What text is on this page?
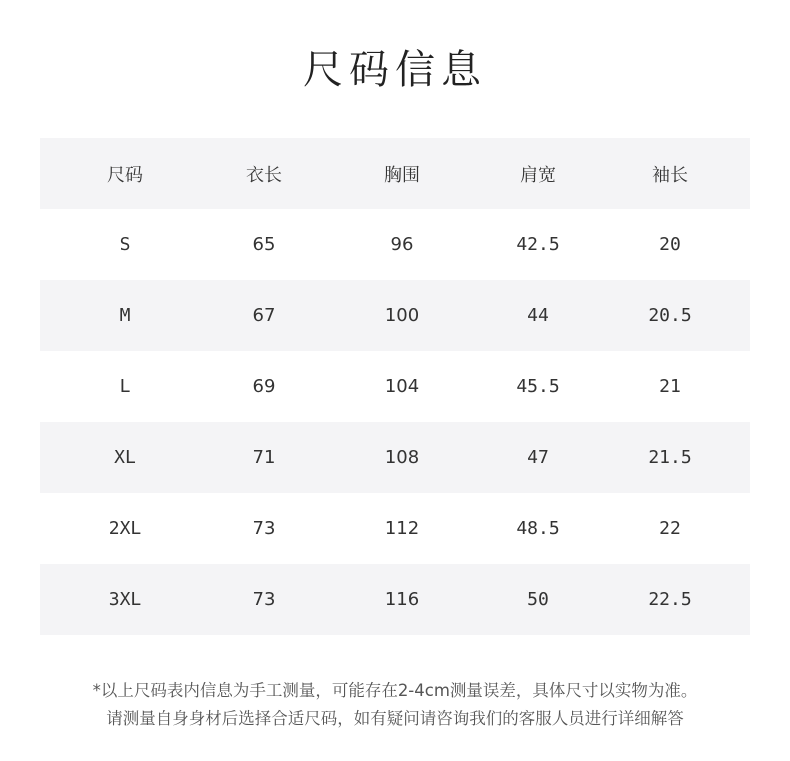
尺码信息
尺码	衣长	胸围	肩宽	袖长
S	65	96	42.5	20
M	67	100	44	20.5
L	69	104	45.5	21
XL	71	108	47	21.5
2XL	73	112	48.5	22
3XL	73	116	50	22.5
*以上尺码表内信息为手工测量，可能存在2-4cm测量误差，具体尺寸以实物为准。
请测量自身身材后选择合适尺码，如有疑问请咨询我们的客服人员进行详细解答
